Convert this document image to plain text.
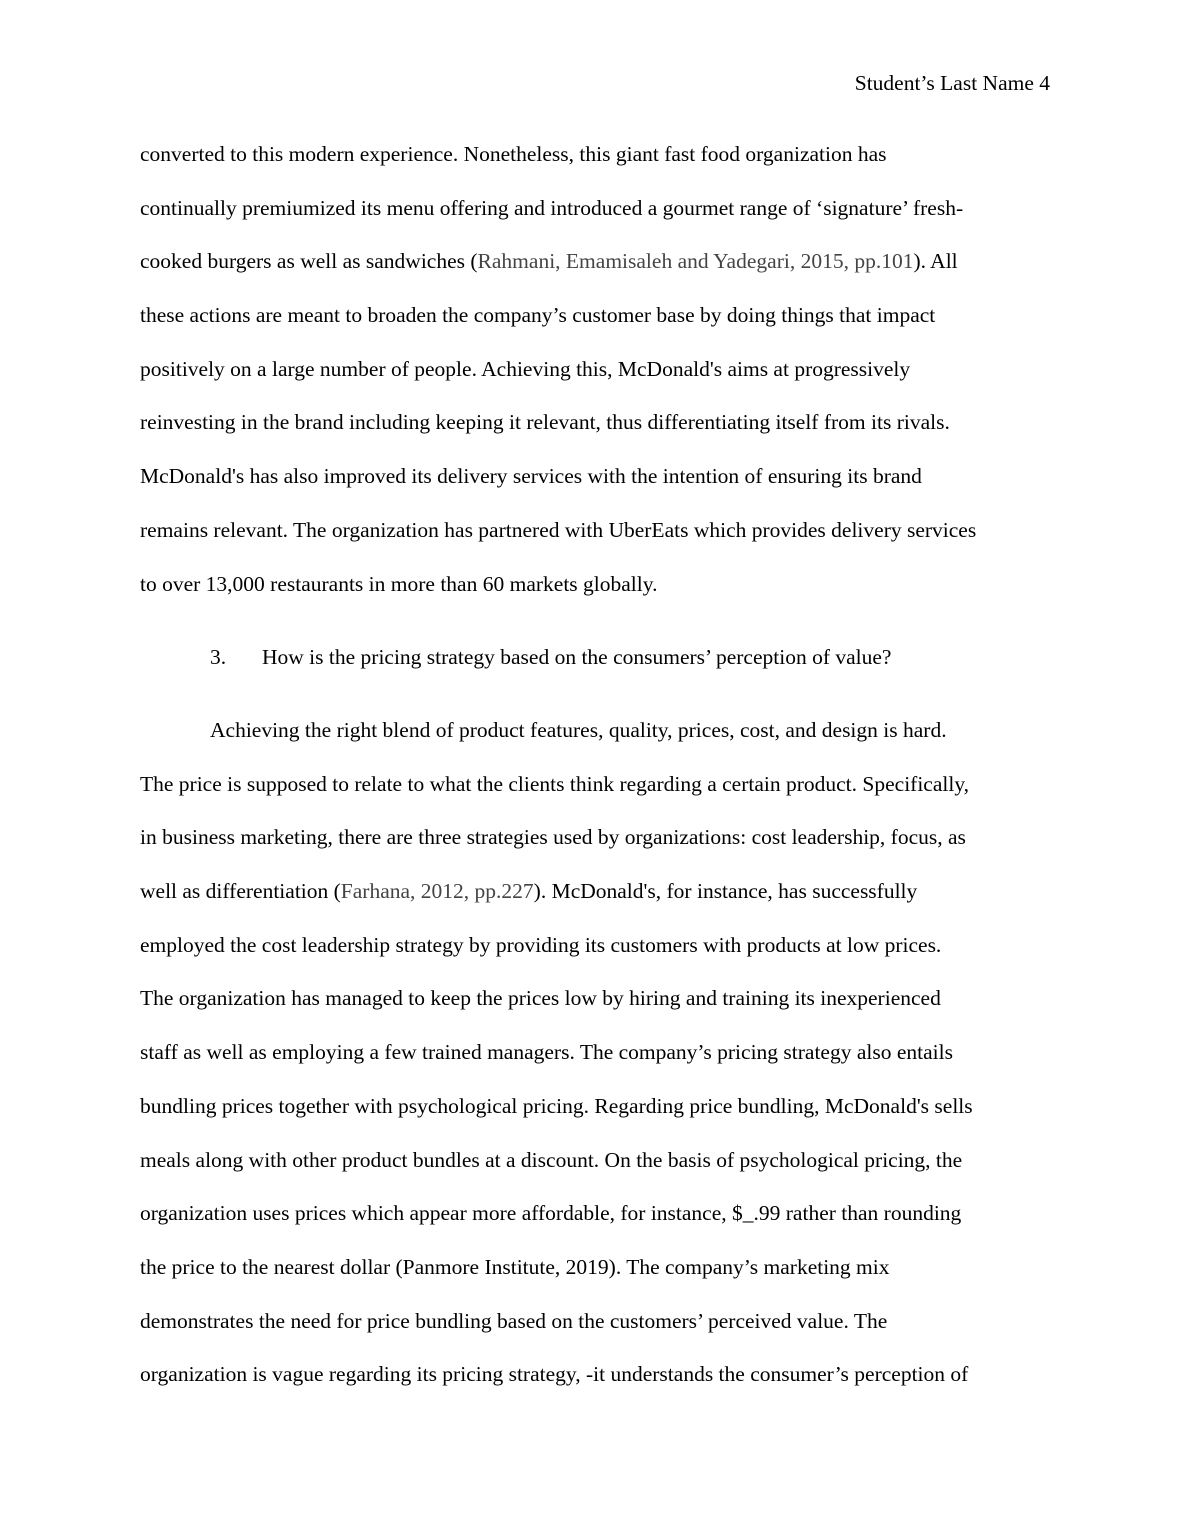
Student’s Last Name 4
converted to this modern experience. Nonetheless, this giant fast food organization has
continually premiumized its menu offering and introduced a gourmet range of ‘signature’ fresh-
cooked burgers as well as sandwiches (Rahmani, Emamisaleh and Yadegari, 2015, pp.101). All
these actions are meant to broaden the company’s customer base by doing things that impact
positively on a large number of people. Achieving this, McDonald's aims at progressively
reinvesting in the brand including keeping it relevant, thus differentiating itself from its rivals.
McDonald's has also improved its delivery services with the intention of ensuring its brand
remains relevant. The organization has partnered with UberEats which provides delivery services
to over 13,000 restaurants in more than 60 markets globally.
3. How is the pricing strategy based on the consumers’ perception of value?
Achieving the right blend of product features, quality, prices, cost, and design is hard.
The price is supposed to relate to what the clients think regarding a certain product. Specifically,
in business marketing, there are three strategies used by organizations: cost leadership, focus, as
well as differentiation (Farhana, 2012, pp.227). McDonald's, for instance, has successfully
employed the cost leadership strategy by providing its customers with products at low prices.
The organization has managed to keep the prices low by hiring and training its inexperienced
staff as well as employing a few trained managers. The company’s pricing strategy also entails
bundling prices together with psychological pricing. Regarding price bundling, McDonald's sells
meals along with other product bundles at a discount. On the basis of psychological pricing, the
organization uses prices which appear more affordable, for instance, $_.99 rather than rounding
the price to the nearest dollar (Panmore Institute, 2019). The company’s marketing mix
demonstrates the need for price bundling based on the customers’ perceived value. The
organization is vague regarding its pricing strategy, -it understands the consumer’s perception of
